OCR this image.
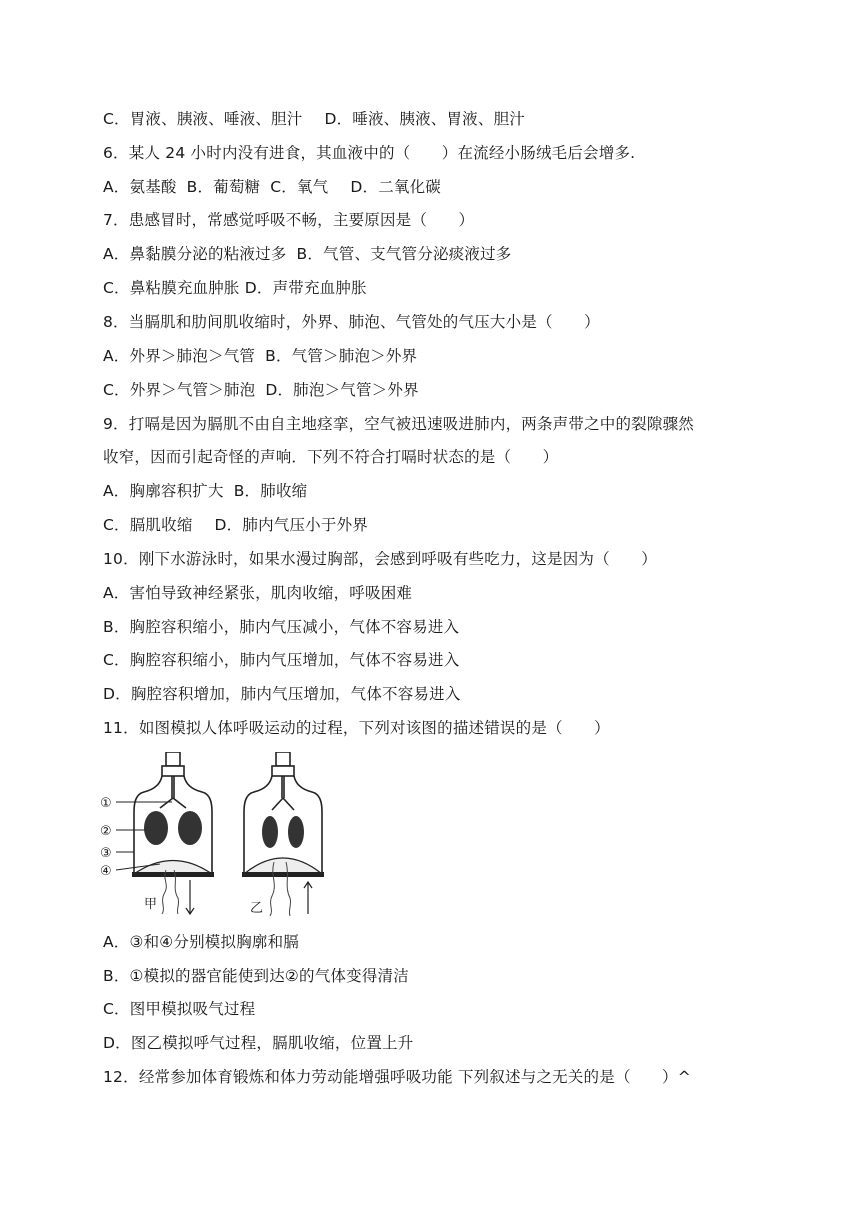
C．胃液、胰液、唾液、胆汁 D．唾液、胰液、胃液、胆汁
6．某人 24 小时内没有进食，其血液中的（　　）在流经小肠绒毛后会增多.
A．氨基酸 B．葡萄糖 C．氧气 D．二氧化碳
7．患感冒时，常感觉呼吸不畅，主要原因是（　　）
A．鼻黏膜分泌的粘液过多 B．气管、支气管分泌痰液过多
C．鼻粘膜充血肿胀 D．声带充血肿胀
8．当膈肌和肋间肌收缩时，外界、肺泡、气管处的气压大小是（　　）
A．外界＞肺泡＞气管 B．气管＞肺泡＞外界
C．外界＞气管＞肺泡 D．肺泡＞气管＞外界
9．打嗝是因为膈肌不由自主地痉挛，空气被迅速吸进肺内，两条声带之中的裂隙骤然
收窄，因而引起奇怪的声响．下列不符合打嗝时状态的是（　　）
A．胸廓容积扩大 B．肺收缩
C．膈肌收缩 D．肺内气压小于外界
10．刚下水游泳时，如果水漫过胸部，会感到呼吸有些吃力，这是因为（　　）
A．害怕导致神经紧张，肌肉收缩，呼吸困难
B．胸腔容积缩小，肺内气压减小，气体不容易进入
C．胸腔容积缩小，肺内气压增加，气体不容易进入
D．胸腔容积增加，肺内气压增加，气体不容易进入
11．如图模拟人体呼吸运动的过程，下列对该图的描述错误的是（　　）
①
②
③
④
甲	乙
A．③和④分别模拟胸廓和膈
B．①模拟的器官能使到达②的气体变得清洁
C．图甲模拟吸气过程
D．图乙模拟呼气过程，膈肌收缩，位置上升
12．经常参加体育锻炼和体力劳动能增强呼吸功能 下列叙述与之无关的是（　　）^
